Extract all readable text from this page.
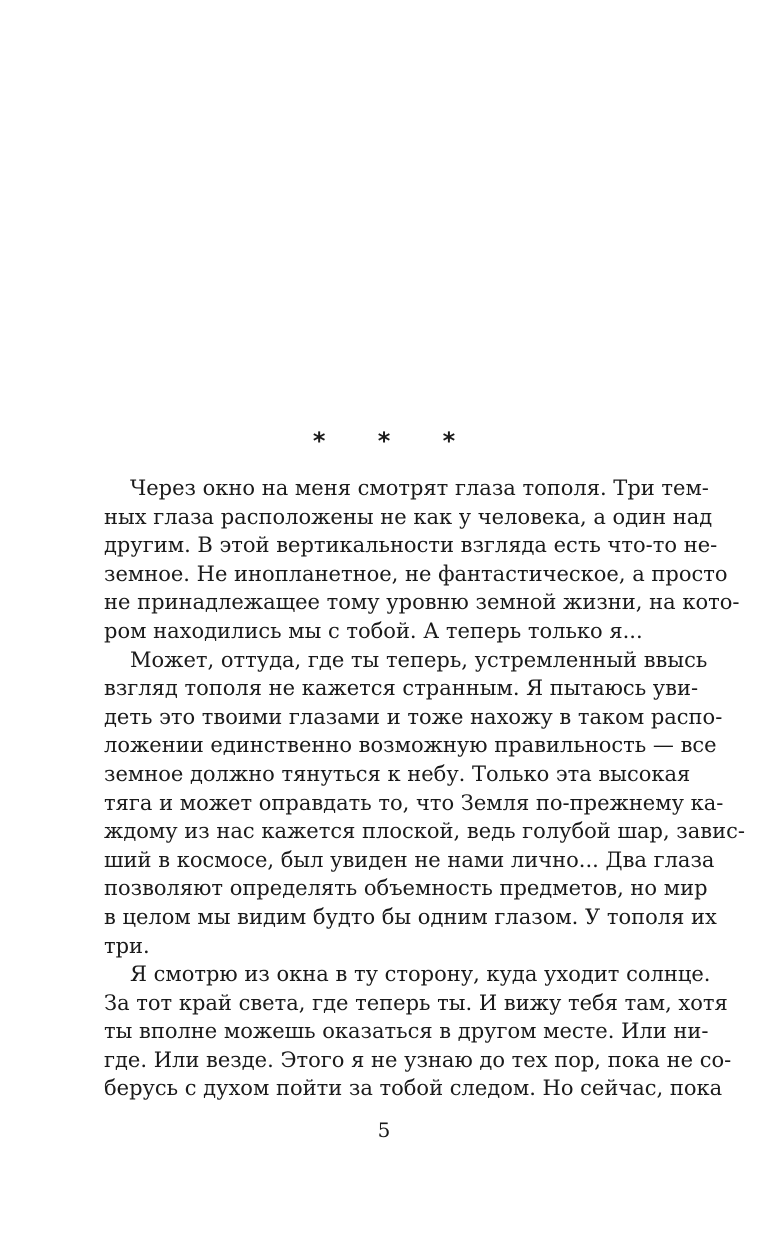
* * *
Через окно на меня смотрят глаза тополя. Три тем-
ных глаза расположены не как у человека, а один над
другим. В этой вертикальности взгляда есть что-то не-
земное. Не инопланетное, не фантастическое, а просто
не принадлежащее тому уровню земной жизни, на кото-
ром находились мы с тобой. А теперь только я...
Может, оттуда, где ты теперь, устремленный ввысь
взгляд тополя не кажется странным. Я пытаюсь уви-
деть это твоими глазами и тоже нахожу в таком распо-
ложении единственно возможную правильность — все
земное должно тянуться к небу. Только эта высокая
тяга и может оправдать то, что Земля по-прежнему ка-
ждому из нас кажется плоской, ведь голубой шар, завис-
ший в космосе, был увиден не нами лично... Два глаза
позволяют определять объемность предметов, но мир
в целом мы видим будто бы одним глазом. У тополя их
три.
Я смотрю из окна в ту сторону, куда уходит солнце.
За тот край света, где теперь ты. И вижу тебя там, хотя
ты вполне можешь оказаться в другом месте. Или ни-
где. Или везде. Этого я не узнаю до тех пор, пока не со-
берусь с духом пойти за тобой следом. Но сейчас, пока
5
